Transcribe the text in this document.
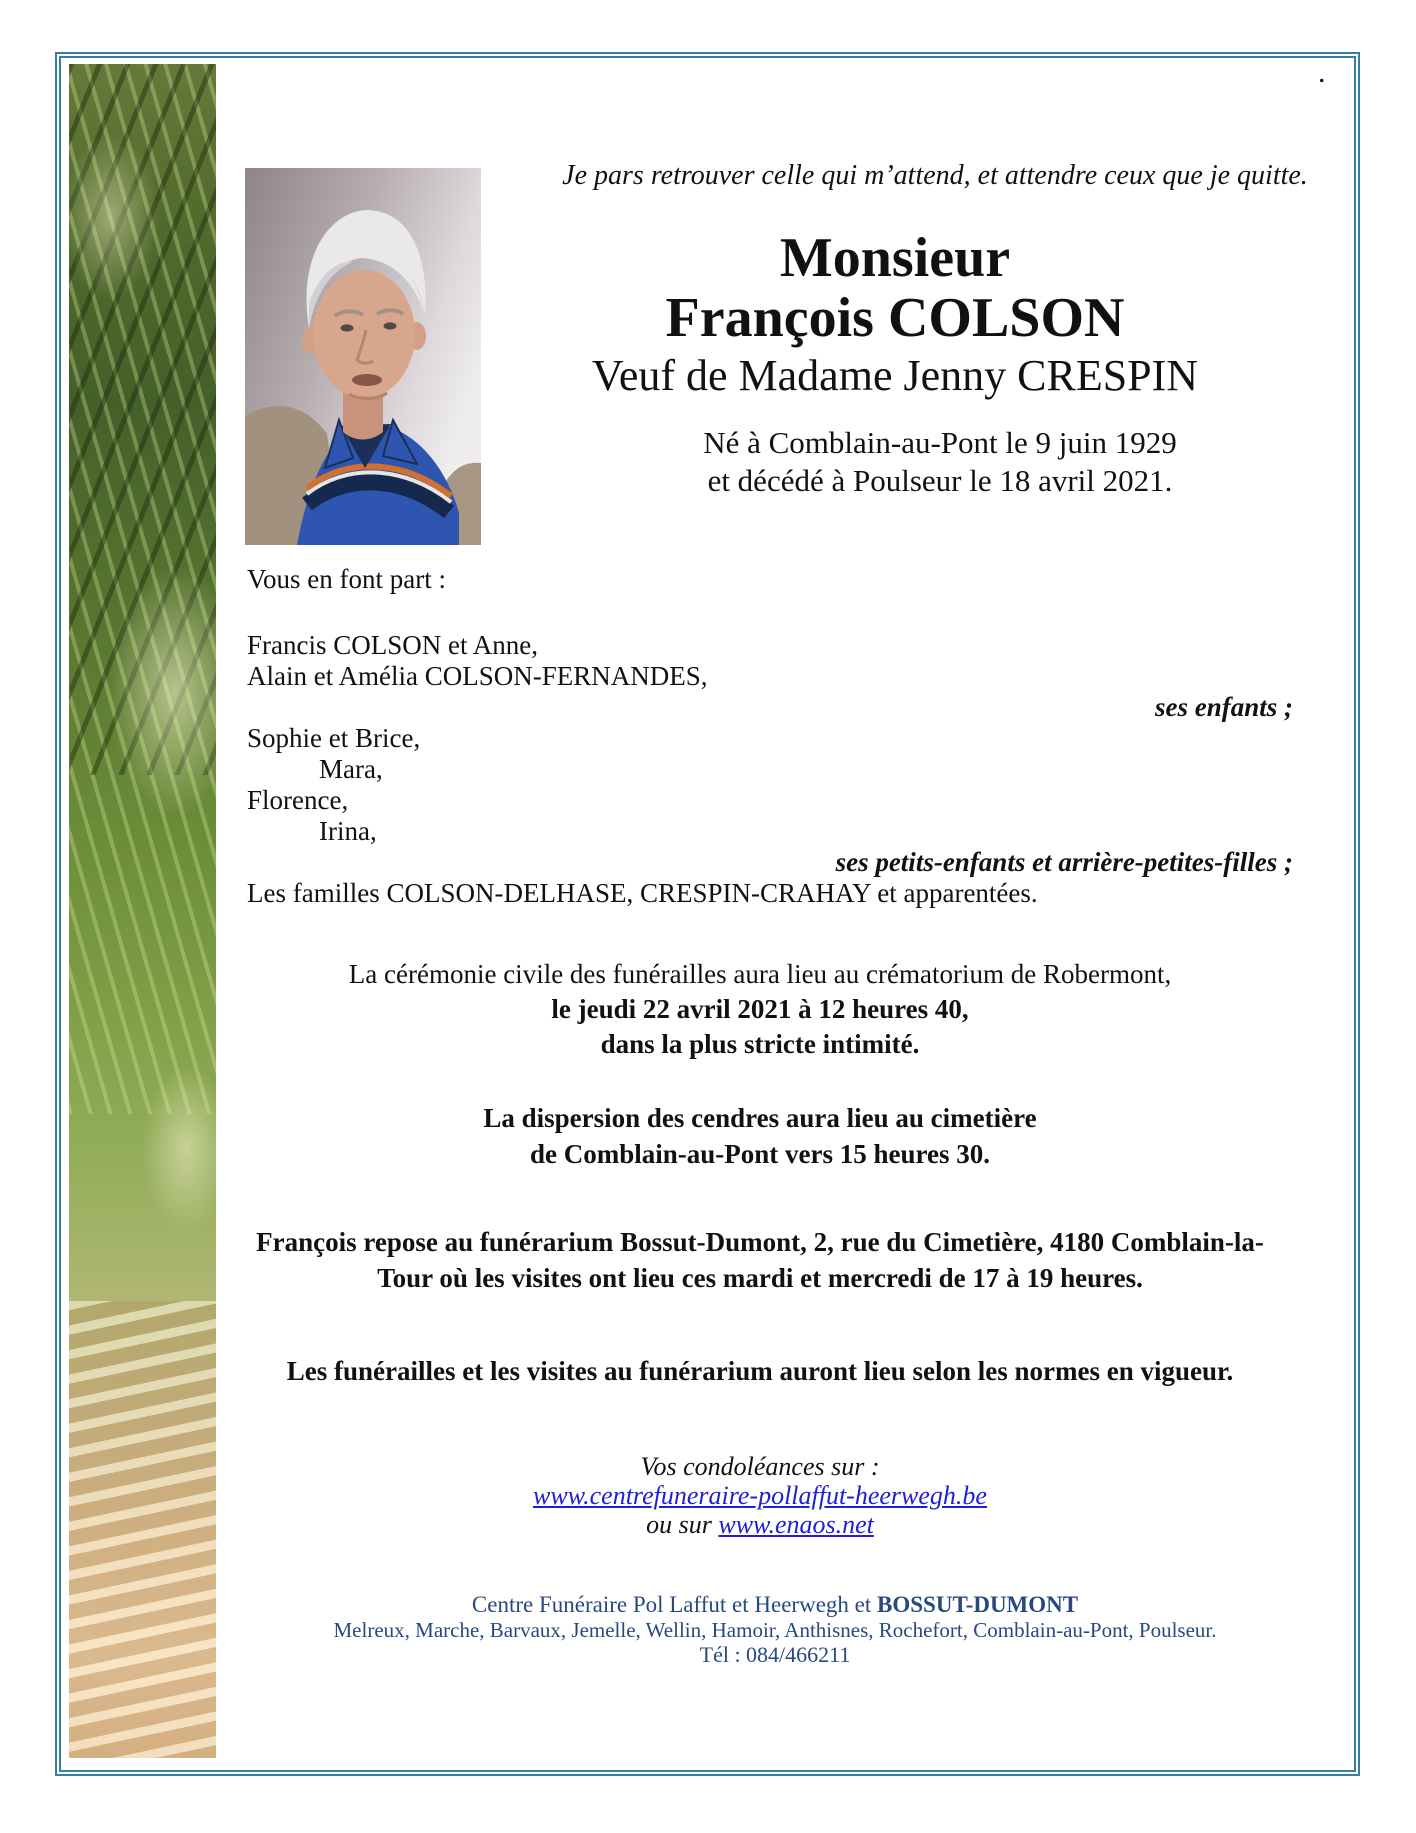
.
Je pars retrouver celle qui m’attend, et attendre ceux que je quitte.
Monsieur
François COLSON
Veuf de Madame Jenny CRESPIN
Né à Comblain-au-Pont le 9 juin 1929
et décédé à Poulseur le 18 avril 2021.
Vous en font part :
Francis COLSON et Anne,
Alain et Amélia COLSON-FERNANDES,
ses enfants ;
Sophie et Brice,
Mara,
Florence,
Irina,
ses petits-enfants et arrière-petites-filles ;
Les familles COLSON-DELHASE, CRESPIN-CRAHAY et apparentées.
La cérémonie civile des funérailles aura lieu au crématorium de Robermont,
le jeudi 22 avril 2021 à 12 heures 40,
dans la plus stricte intimité.
La dispersion des cendres aura lieu au cimetière
de Comblain-au-Pont vers 15 heures 30.
François repose au funérarium Bossut-Dumont, 2, rue du Cimetière, 4180 Comblain-la-
Tour où les visites ont lieu ces mardi et mercredi de 17 à 19 heures.
Les funérailles et les visites au funérarium auront lieu selon les normes en vigueur.
Vos condoléances sur :
www.centrefuneraire-pollaffut-heerwegh.be
ou sur www.enaos.net
Centre Funéraire Pol Laffut et Heerwegh et BOSSUT-DUMONT
Melreux, Marche, Barvaux, Jemelle, Wellin, Hamoir, Anthisnes, Rochefort, Comblain-au-Pont, Poulseur.
Tél : 084/466211
